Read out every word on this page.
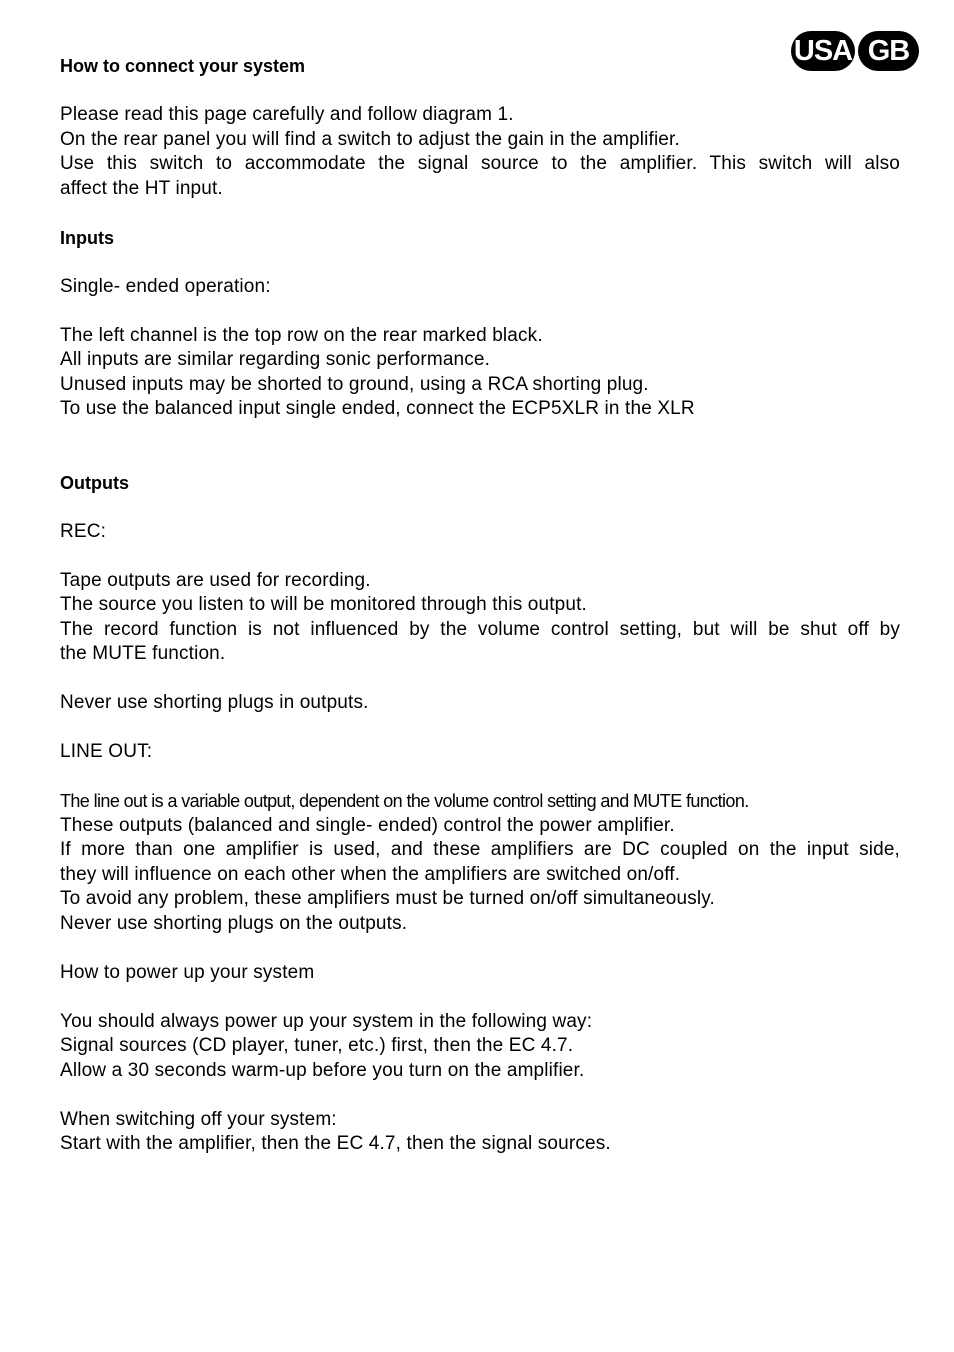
USA GB
How to connect your system
Please read this page carefully and follow diagram 1.
On the rear panel you will find a switch to adjust the gain in the amplifier.
Use this switch to accommodate the signal source to the amplifier. This switch will also
affect the HT input.
Inputs
Single- ended operation:
The left channel is the top row on the rear marked black.
All inputs are similar regarding sonic performance.
Unused inputs may be shorted to ground, using a RCA shorting plug.
To use the balanced input single ended, connect the ECP5XLR in the XLR
Outputs
REC:
Tape outputs are used for recording.
The source you listen to will be monitored through this output.
The record function is not influenced by the volume control setting, but will be shut off by
the MUTE function.
Never use shorting plugs in outputs.
LINE OUT:
The line out is a variable output, dependent on the volume control setting and MUTE function.
These outputs (balanced and single- ended) control the power amplifier.
If more than one amplifier is used, and these amplifiers are DC coupled on the input side,
they will influence on each other when the amplifiers are switched on/off.
To avoid any problem, these amplifiers must be turned on/off simultaneously.
Never use shorting plugs on the outputs.
How to power up your system
You should always power up your system in the following way:
Signal sources (CD player, tuner, etc.) first, then the EC 4.7.
Allow a 30 seconds warm-up before you turn on the amplifier.
When switching off your system:
Start with the amplifier, then the EC 4.7, then the signal sources.
